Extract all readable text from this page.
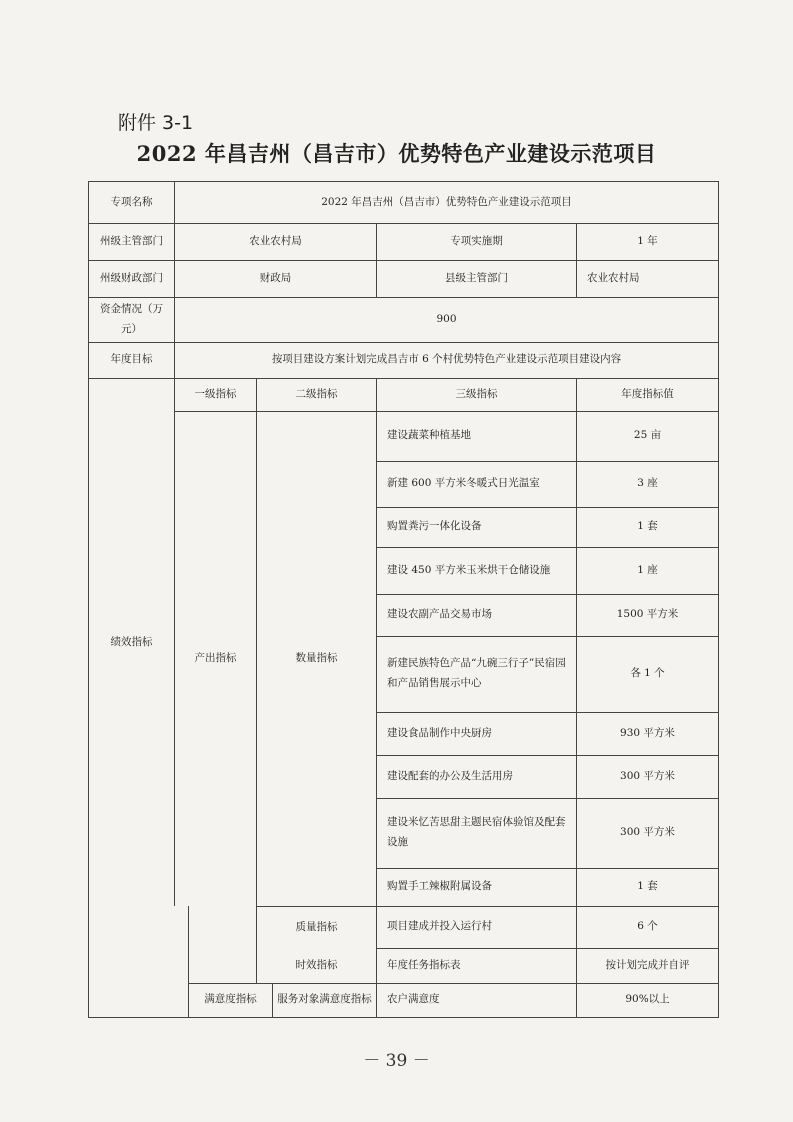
附件 3-1
2022 年昌吉州（昌吉市）优势特色产业建设示范项目
专项名称	2022 年昌吉州（昌吉市）优势特色产业建设示范项目					
州级主管部门	农业农村局				专项实施期	1 年
州级财政部门	财政局				县级主管部门	农业农村局
资金情况（万元）	900					
年度目标	按项目建设方案计划完成昌吉市 6 个村优势特色产业建设示范项目建设内容					
绩效指标	一级指标		二级指标		三级指标	年度指标值
	产出指标		数量指标		建设蔬菜种植基地	25 亩
					新建 600 平方米冬暖式日光温室	3 座
					购置粪污一体化设备	1 套
					建设 450 平方米玉米烘干仓储设施	1 座
					建设农副产品交易市场	1500 平方米
					新建民族特色产品“九碗三行子”民宿园和产品销售展示中心	各 1 个
					建设食品制作中央厨房	930 平方米
					建设配套的办公及生活用房	300 平方米
					建设米忆苦思甜主题民宿体验馆及配套设施	300 平方米
					购置手工辣椒附属设备	1 套
			质量指标		项目建成并投入运行村	6 个
			时效指标		年度任务指标表	按计划完成并自评
		满意度指标		服务对象满意度指标	农户满意度	90%以上
－ 39 －
